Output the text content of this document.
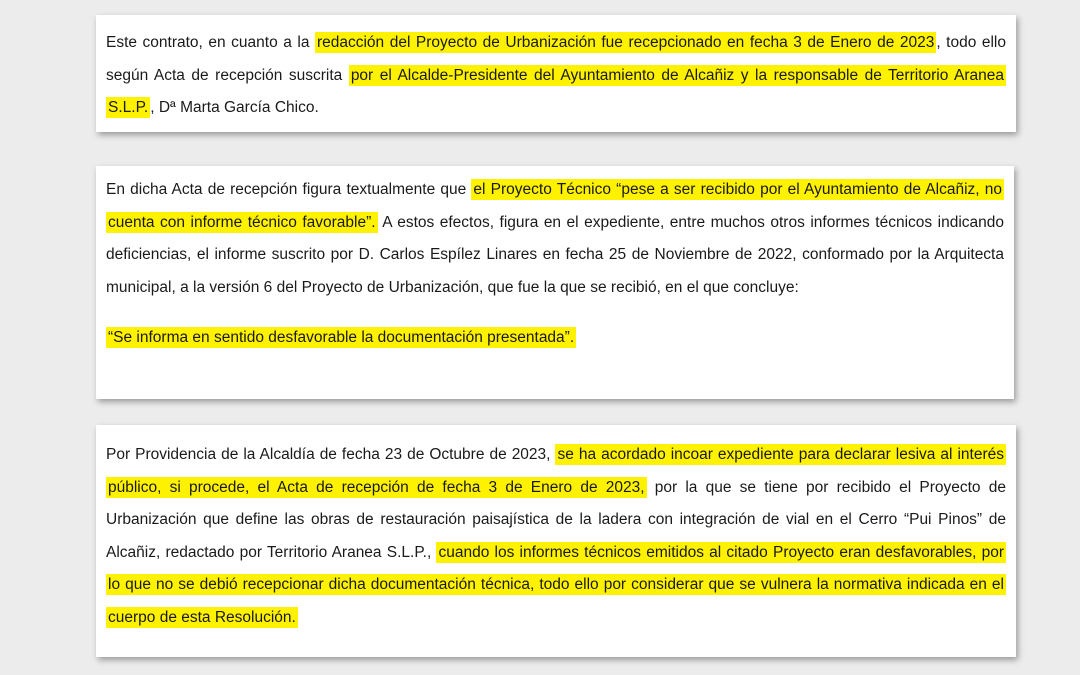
Este contrato, en cuanto a la redacción del Proyecto de Urbanización fue recepcionado en fecha 3 de Enero de 2023 , todo ello según Acta de recepción suscrita por el Alcalde-Presidente del Ayuntamiento de Alcañiz y la responsable de Territorio Aranea S.L.P. , Dª Marta García Chico.

En dicha Acta de recepción figura textualmente que el Proyecto Técnico “pese a ser recibido por el Ayuntamiento de Alcañiz, no cuenta con informe técnico favorable”. A estos efectos, figura en el expediente, entre muchos otros informes técnicos indicando deficiencias, el informe suscrito por D. Carlos Espílez Linares en fecha 25 de Noviembre de 2022, conformado por la Arquitecta municipal, a la versión 6 del Proyecto de Urbanización, que fue la que se recibió, en el que concluye:

“Se informa en sentido desfavorable la documentación presentada”.

Por Providencia de la Alcaldía de fecha 23 de Octubre de 2023, se ha acordado incoar expediente para declarar lesiva al interés público, si procede, el Acta de recepción de fecha 3 de Enero de 2023, por la que se tiene por recibido el Proyecto de Urbanización que define las obras de restauración paisajística de la ladera con integración de vial en el Cerro “Pui Pinos” de Alcañiz, redactado por Territorio Aranea S.L.P., cuando los informes técnicos emitidos al citado Proyecto eran desfavorables, por lo que no se debió recepcionar dicha documentación técnica, todo ello por considerar que se vulnera la normativa indicada en el cuerpo de esta Resolución.
